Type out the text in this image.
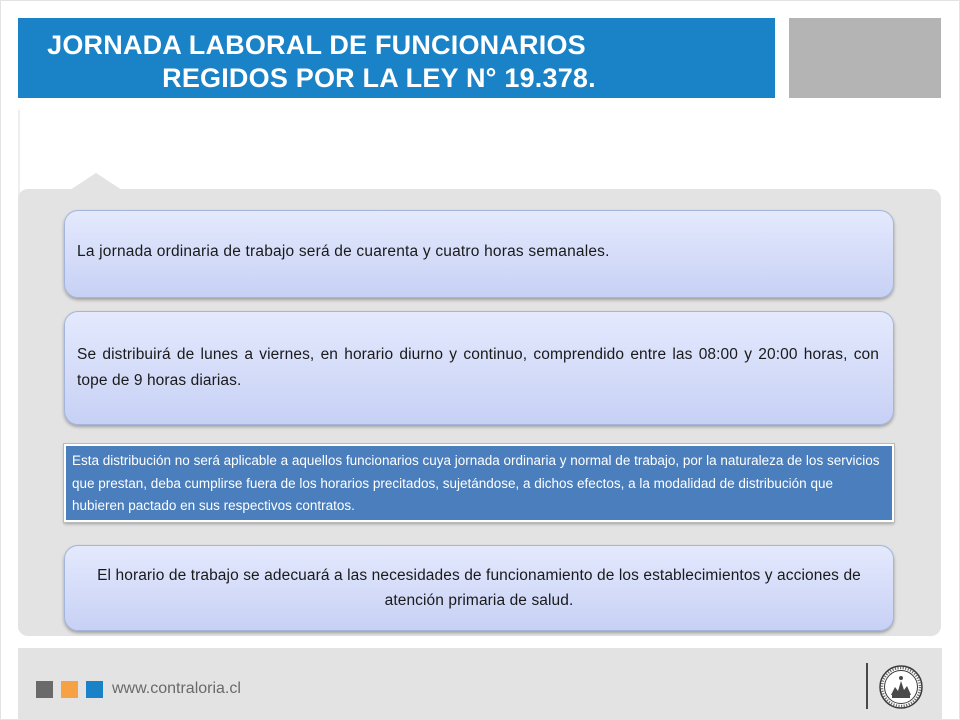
JORNADA LABORAL DE FUNCIONARIOS
REGIDOS POR LA LEY N° 19.378.
La jornada ordinaria de trabajo será de cuarenta y cuatro horas semanales.
Se distribuirá de lunes a viernes, en horario diurno y continuo, comprendido entre las 08:00 y 20:00 horas, con tope de 9 horas diarias.
Esta distribución no será aplicable a aquellos funcionarios cuya jornada ordinaria y normal de trabajo, por la naturaleza de los servicios que prestan, deba cumplirse fuera de los horarios precitados, sujetándose, a dichos efectos, a la modalidad de distribución que hubieren pactado en sus respectivos contratos.
El horario de trabajo se adecuará a las necesidades de funcionamiento de los establecimientos y acciones de atención primaria de salud.
www.contraloria.cl
